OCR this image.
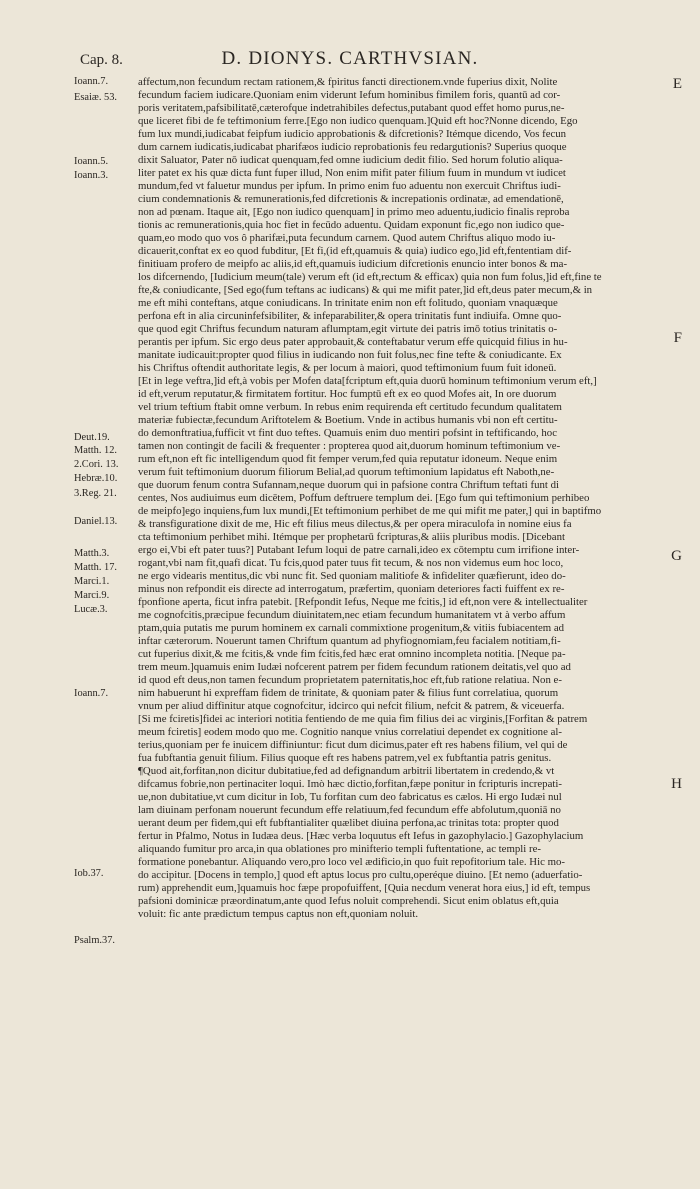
Cap. 8.	D. DIONYS. CARTHVSIAN.
Ioann.7.
Esaiæ. 53.
Ioann.5.
Ioann.3.
Deut.19.
Matth. 12.
2.Cori. 13.
Hebræ.10.
3.Reg. 21.
Daniel.13.
Matth.3.
Matth. 17.
Marci.1.
Marci.9.
Lucæ.3.
Ioann.7.
Iob.37.
Psalm.37.
E
F
G
H
affectum,non fecundum rectam rationem,& fpiritus fancti directionem.vnde fuperius dixit, Nolite
fecundum faciem iudicare.Quoniam enim viderunt Iefum hominibus fimilem foris, quantū ad cor-
poris veritatem,pafsibilitatē,cæterofque indetrahibiles defectus,putabant quod effet homo purus,ne-
que liceret fibi de fe teftimonium ferre.[Ego non iudico quenquam.]Quid eft hoc?Nonne dicendo, Ego
fum lux mundi,iudicabat feipfum iudicio approbationis & difcretionis? Itémque dicendo, Vos fecun
dum carnem iudicatis,iudicabat pharifæos iudicio reprobationis feu redargutionis? Superius quoque
dixit Saluator, Pater nō iudicat quenquam,fed omne iudicium dedit filio. Sed horum folutio aliqua-
liter patet ex his quæ dicta funt fuper illud, Non enim mifit pater filium fuum in mundum vt iudicet
mundum,fed vt faluetur mundus per ipfum. In primo enim fuo aduentu non exercuit Chriftus iudi-
cium condemnationis & remunerationis,fed difcretionis & increpationis ordinatæ, ad emendationē,
non ad pœnam. Itaque ait, [Ego non iudico quenquam] in primo meo aduentu,iudicio finalis reproba
tionis ac remunerationis,quia hoc fiet in fecūdo aduentu. Quidam exponunt fic,ego non iudico que-
quam,eo modo quo vos ô pharifæi,puta fecundum carnem. Quod autem Chriftus aliquo modo iu-
dicauerit,conftat ex eo quod fubditur, [Et fi,(id eft,quamuis & quia) iudico ego,]id eft,fententiam dif-
finitiuam profero de meipfo ac aliis,id eft,quamuis iudicium difcretionis enuncio inter bonos & ma-
los difcernendo, [Iudicium meum(tale) verum eft (id eft,rectum & efficax) quia non fum folus,]id eft,fine te
fte,& coniudicante, [Sed ego(fum teftans ac iudicans) & qui me mifit pater,]id eft,deus pater mecum,& in
me eft mihi conteftans, atque coniudicans. In trinitate enim non eft folitudo, quoniam vnaquæque
perfona eft in alia circuninfefsibiliter, & infeparabiliter,& opera trinitatis funt indiuifa. Omne quo-
que quod egit Chriftus fecundum naturam aflumptam,egit virtute dei patris imō totius trinitatis o-
perantis per ipfum. Sic ergo deus pater approbauit,& conteftabatur verum effe quicquid filius in hu-
manitate iudicauit:propter quod filius in iudicando non fuit folus,nec fine tefte & coniudicante. Ex
his Chriftus oftendit authoritate legis, & per locum à maiori, quod teftimonium fuum fuit idoneū.
[Et in lege veftra,]id eft,à vobis per Mofen data[fcriptum eft,quia duorū hominum teftimonium verum eft,]
id eft,verum reputatur,& firmitatem fortitur. Hoc fumptū eft ex eo quod Mofes ait, In ore duorum
vel trium teftium ftabit omne verbum. In rebus enim requirenda eft certitudo fecundum qualitatem
materiæ fubiectæ,fecundum Ariftotelem & Boetium. Vnde in actibus humanis vbi non eft certitu-
do demonftratiua,fufficit vt fint duo teftes. Quamuis enim duo mentiri pofsint in teftificando, hoc
tamen non contingit de facili & frequenter : propterea quod ait,duorum hominum teftimonium ve-
rum eft,non eft fic intelligendum quod fit femper verum,fed quia reputatur idoneum. Neque enim
verum fuit teftimonium duorum filiorum Belial,ad quorum teftimonium lapidatus eft Naboth,ne-
que duorum fenum contra Sufannam,neque duorum qui in pafsione contra Chriftum teftati funt di
centes, Nos audiuimus eum dicētem, Poffum deftruere templum dei. [Ego fum qui teftimonium perhibeo
de meipfo]ego inquiens,fum lux mundi,[Et teftimonium perhibet de me qui mifit me pater,] qui in baptifmo
& transfiguratione dixit de me, Hic eft filius meus dilectus,& per opera miraculofa in nomine eius fa
cta teftimonium perhibet mihi. Itémque per prophetarū fcripturas,& aliis pluribus modis. [Dicebant
ergo ei,Vbi eft pater tuus?] Putabant Iefum loqui de patre carnali,ideo ex cōtemptu cum irrifione inter-
rogant,vbi nam fit,quafi dicat. Tu fcis,quod pater tuus fit tecum, & nos non videmus eum hoc loco,
ne ergo videaris mentitus,dic vbi nunc fit. Sed quoniam malitiofe & infideliter quæfierunt, ideo do-
minus non refpondit eis directe ad interrogatum, præfertim, quoniam deteriores facti fuiffent ex re-
fponfione aperta, ficut infra patebit. [Refpondit Iefus, Neque me fcitis,] id eft,non vere & intellectualiter
me cognofcitis,præcipue fecundum diuinitatem,nec etiam fecundum humanitatem vt à verbo affum
ptam,quia putatis me purum hominem ex carnali commixtione progenitum,& vitiis fubiacentem ad
inftar cæterorum. Nouerunt tamen Chriftum quantum ad phyfiognomiam,feu facialem notitiam,fi-
cut fuperius dixit,& me fcitis,& vnde fim fcitis,fed hæc erat omnino incompleta notitia. [Neque pa-
trem meum.]quamuis enim Iudæi nofcerent patrem per fidem fecundum rationem deitatis,vel quo ad
id quod eft deus,non tamen fecundum proprietatem paternitatis,hoc eft,fub ratione relatiua. Non e-
nim habuerunt hi expreffam fidem de trinitate, & quoniam pater & filius funt correlatiua, quorum
vnum per aliud diffinitur atque cognofcitur, idcirco qui nefcit filium, nefcit & patrem, & viceuerfa.
[Si me fciretis]fidei ac interiori notitia fentiendo de me quia fim filius dei ac virginis,[Forfitan & patrem
meum fciretis] eodem modo quo me. Cognitio nanque vnius correlatiui dependet ex cognitione al-
terius,quoniam per fe inuicem diffiniuntur: ficut dum dicimus,pater eft res habens filium, vel qui de
fua fubftantia genuit filium. Filius quoque eft res habens patrem,vel ex fubftantia patris genitus.
¶Quod ait,forfitan,non dicitur dubitatiue,fed ad defignandum arbitrii libertatem in credendo,& vt
difcamus fobrie,non pertinaciter loqui. Imò hæc dictio,forfitan,fæpe ponitur in fcripturis increpati-
ue,non dubitatiue,vt cum dicitur in Iob, Tu forfitan cum deo fabricatus es cælos. Hi ergo Iudæi nul
lam diuinam perfonam nouerunt fecundum effe relatiuum,fed fecundum effe abfolutum,quoniā no
uerant deum per fidem,qui eft fubftantialiter quælibet diuina perfona,ac trinitas tota: propter quod
fertur in Pfalmo, Notus in Iudæa deus. [Hæc verba loquutus eft Iefus in gazophylacio.] Gazophylacium
aliquando fumitur pro arca,in qua oblationes pro minifterio templi fuftentatione, ac templi re-
formatione ponebantur. Aliquando vero,pro loco vel ædificio,in quo fuit repofitorium tale. Hic mo-
do accipitur. [Docens in templo,] quod eft aptus locus pro cultu,operéque diuino. [Et nemo (aduerfatio-
rum) apprehendit eum,]quamuis hoc fæpe propofuiffent, [Quia necdum venerat hora eius,] id eft, tempus
pafsioni dominicæ præordinatum,ante quod Iefus noluit comprehendi. Sicut enim oblatus eft,quia
voluit: fic ante prædictum tempus captus non eft,quoniam noluit.
